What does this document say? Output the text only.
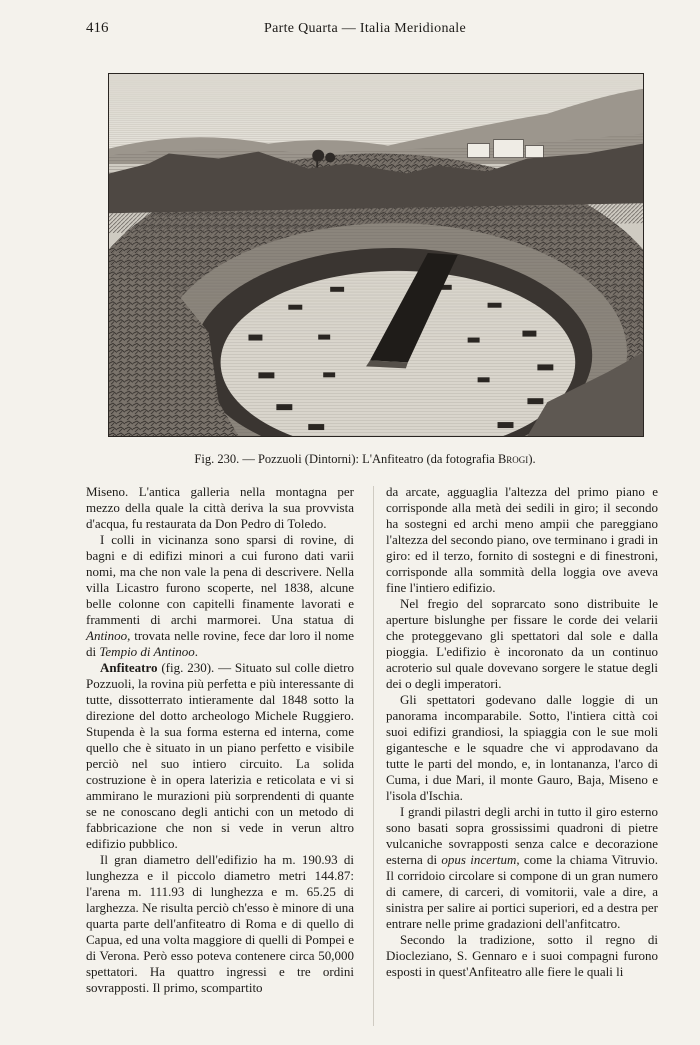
416	Parte Quarta — Italia Meridionale
Fig. 230. — Pozzuoli (Dintorni): L'Anfiteatro (da fotografia Brogi).

Miseno. L'antica galleria nella montagna per mezzo della quale la città deriva la sua provvista d'acqua, fu restaurata da Don Pedro di Toledo.

I colli in vicinanza sono sparsi di rovine, di bagni e di edifizi minori a cui furono dati varii nomi, ma che non vale la pena di descrivere. Nella villa Licastro furono scoperte, nel 1838, alcune belle colonne con capitelli finamente lavorati e frammenti di archi marmorei. Una statua di Antinoo, trovata nelle rovine, fece dar loro il nome di Tempio di Antinoo.

Anfiteatro (fig. 230). — Situato sul colle dietro Pozzuoli, la rovina più perfetta e più interessante di tutte, dissotterrato intieramente dal 1848 sotto la direzione del dotto archeologo Michele Ruggiero. Stupenda è la sua forma esterna ed interna, come quello che è situato in un piano perfetto e visibile perciò nel suo intiero circuito. La solida costruzione è in opera laterizia e reticolata e vi si ammirano le murazioni più sorprendenti di quante se ne conoscano degli antichi con un metodo di fabbricazione che non si vede in verun altro edifizio pubblico.

Il gran diametro dell'edifizio ha m. 190.93 di lunghezza e il piccolo diametro metri 144.87: l'arena m. 111.93 di lunghezza e m. 65.25 di larghezza. Ne risulta perciò ch'esso è minore di una quarta parte dell'anfiteatro di Roma e di quello di Capua, ed una volta maggiore di quelli di Pompei e di Verona. Però esso poteva contenere circa 50,000 spettatori. Ha quattro ingressi e tre ordini sovrapposti. Il primo, scompartito

da arcate, agguaglia l'altezza del primo piano e corrisponde alla metà dei sedili in giro; il secondo ha sostegni ed archi meno ampii che pareggiano l'altezza del secondo piano, ove terminano i gradi in giro: ed il terzo, fornito di sostegni e di finestroni, corrisponde alla sommità della loggia ove aveva fine l'intiero edifizio.

Nel fregio del soprarcato sono distribuite le aperture bislunghe per fissare le corde dei velarii che proteggevano gli spettatori dal sole e dalla pioggia. L'edifizio è incoronato da un continuo acroterio sul quale dovevano sorgere le statue degli dei o degli imperatori.

Gli spettatori godevano dalle loggie di un panorama incomparabile. Sotto, l'intiera città coi suoi edifizi grandiosi, la spiaggia con le sue moli gigantesche e le squadre che vi approdavano da tutte le parti del mondo, e, in lontananza, l'arco di Cuma, i due Mari, il monte Gauro, Baja, Miseno e l'isola d'Ischia.

I grandi pilastri degli archi in tutto il giro esterno sono basati sopra grossissimi quadroni di pietre vulcaniche sovrapposti senza calce e decorazione esterna di opus incertum, come la chiama Vitruvio. Il corridoio circolare si compone di un gran numero di camere, di carceri, di vomitorii, vale a dire, a sinistra per salire ai portici superiori, ed a destra per entrare nelle prime gradazioni dell'anfitcatro.

Secondo la tradizione, sotto il regno di Diocleziano, S. Gennaro e i suoi compagni furono esposti in quest'Anfiteatro alle fiere le quali li
